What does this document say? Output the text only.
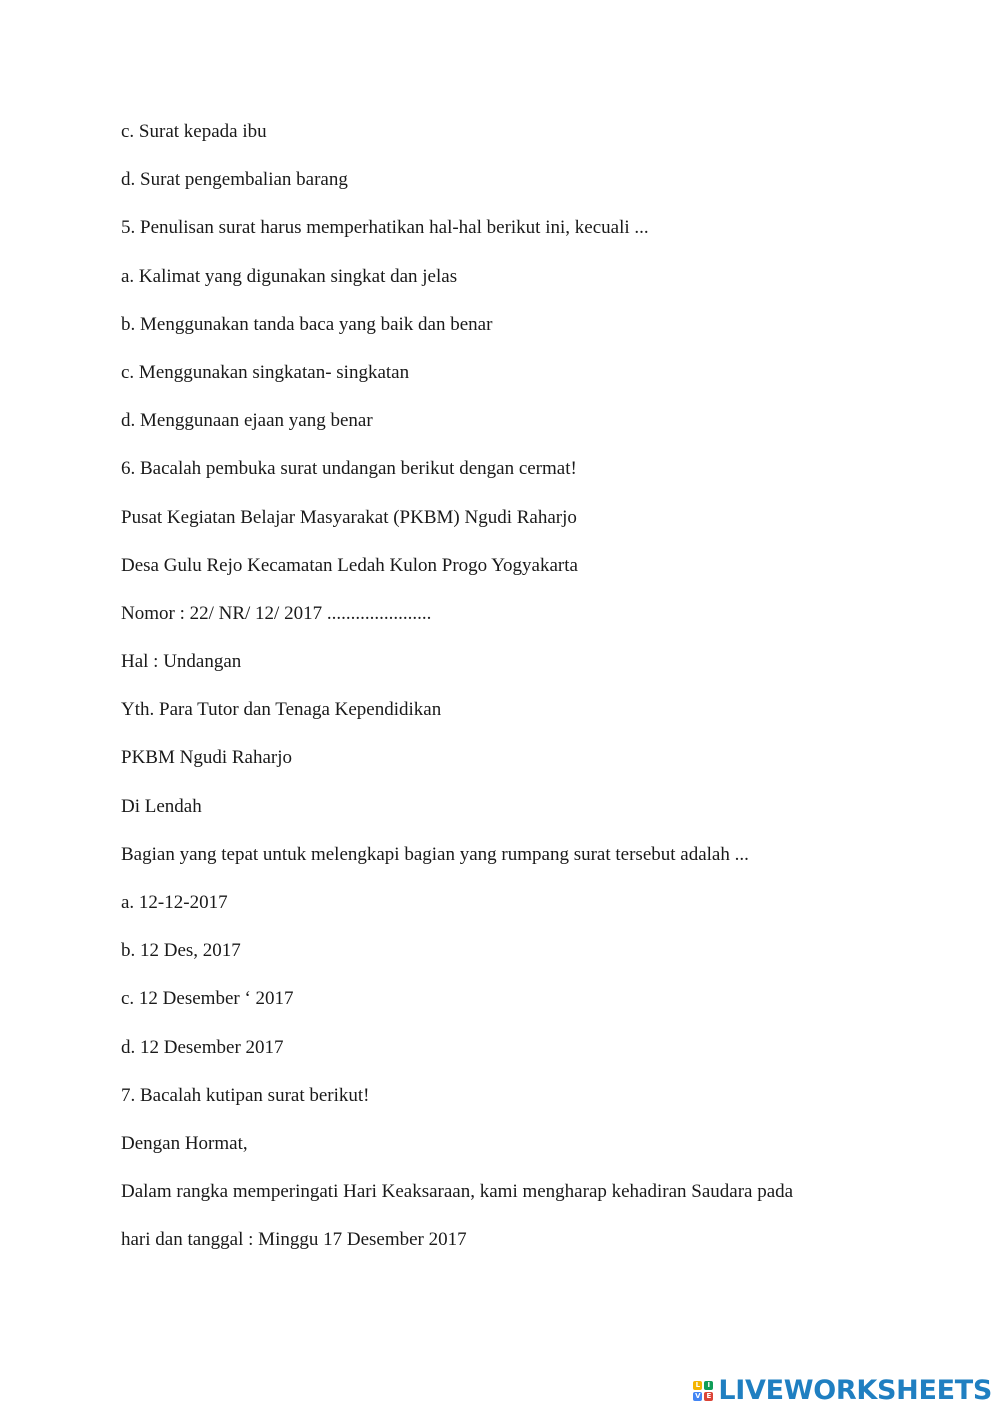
c. Surat kepada ibu
d. Surat pengembalian barang
5. Penulisan surat harus memperhatikan hal-hal berikut ini, kecuali ...
a. Kalimat yang digunakan singkat dan jelas
b. Menggunakan tanda baca yang baik dan benar
c. Menggunakan singkatan- singkatan
d. Menggunaan ejaan yang benar
6. Bacalah pembuka surat undangan berikut dengan cermat!
Pusat Kegiatan Belajar Masyarakat (PKBM) Ngudi Raharjo
Desa Gulu Rejo Kecamatan Ledah Kulon Progo Yogyakarta
Nomor : 22/ NR/ 12/ 2017 ......................
Hal : Undangan
Yth. Para Tutor dan Tenaga Kependidikan
PKBM Ngudi Raharjo
Di Lendah
Bagian yang tepat untuk melengkapi bagian yang rumpang surat tersebut adalah ...
a. 12-12-2017
b. 12 Des, 2017
c. 12 Desember ‘ 2017
d. 12 Desember 2017
7. Bacalah kutipan surat berikut!
Dengan Hormat,
Dalam rangka memperingati Hari Keaksaraan, kami mengharap kehadiran Saudara pada
hari dan tanggal : Minggu 17 Desember 2017
L	I
V E LIVEWORKSHEETS
